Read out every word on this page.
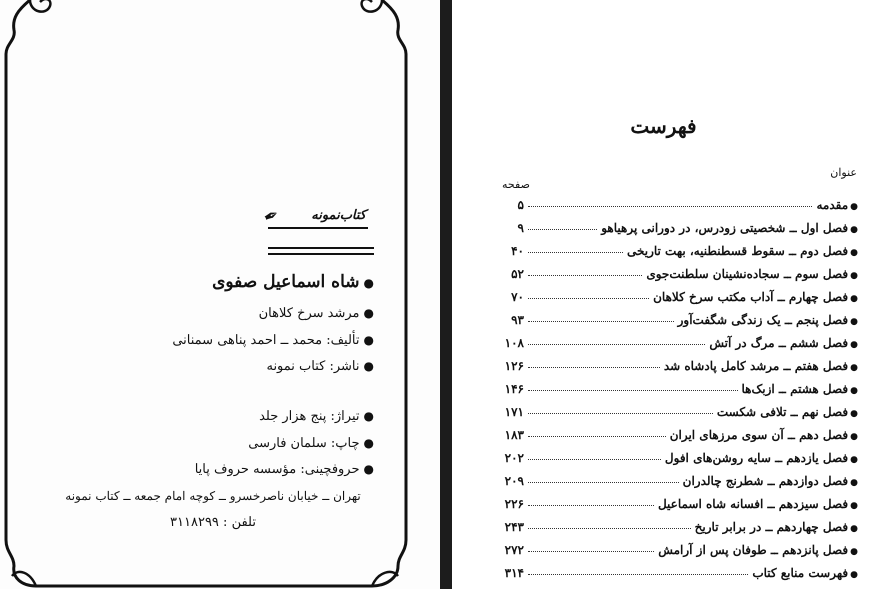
✒ کتاب‌نمونه
●شاه اسماعیل صفوی
●مرشد سرخ کلاهان
●تألیف: محمد ــ احمد پناهی سمنانی
●ناشر: کتاب نمونه
●تیراژ: پنج هزار جلد
●چاپ: سلمان فارسی
●حروفچینی: مؤسسه حروف پایا
تهران ــ خیابان ناصرخسرو ــ کوچه امام جمعه ــ کتاب نمونه
تلفن : ۳۱۱۸۲۹۹
فهرست
عنوان
صفحه
●
مقدمه
۵
●
فصل اول ــ شخصیتی زودرس، در دورانی پرهیاهو
۹
●
فصل دوم ــ سقوط قسطنطنیه، بهت تاریخی
۴۰
●
فصل سوم ــ سجاده‌نشینان سلطنت‌جوی
۵۲
●
فصل چهارم ــ آداب مکتب سرخ کلاهان
۷۰
●
فصل پنجم ــ یک زندگی شگفت‌آور
۹۳
●
فصل ششم ــ مرگ در آتش
۱۰۸
●
فصل هفتم ــ مرشد کامل پادشاه شد
۱۲۶
●
فصل هشتم ــ ازبک‌ها
۱۴۶
●
فصل نهم ــ تلافی شکست
۱۷۱
●
فصل دهم ــ آن سوی مرزهای ایران
۱۸۳
●
فصل یازدهم ــ سایه روشن‌های افول
۲۰۲
●
فصل دوازدهم ــ شطرنج چالدران
۲۰۹
●
فصل سیزدهم ــ افسانه شاه اسماعیل
۲۲۶
●
فصل چهاردهم ــ در برابر تاریخ
۲۴۳
●
فصل پانزدهم ــ طوفان پس از آرامش
۲۷۲
●
فهرست منابع کتاب
۳۱۴
